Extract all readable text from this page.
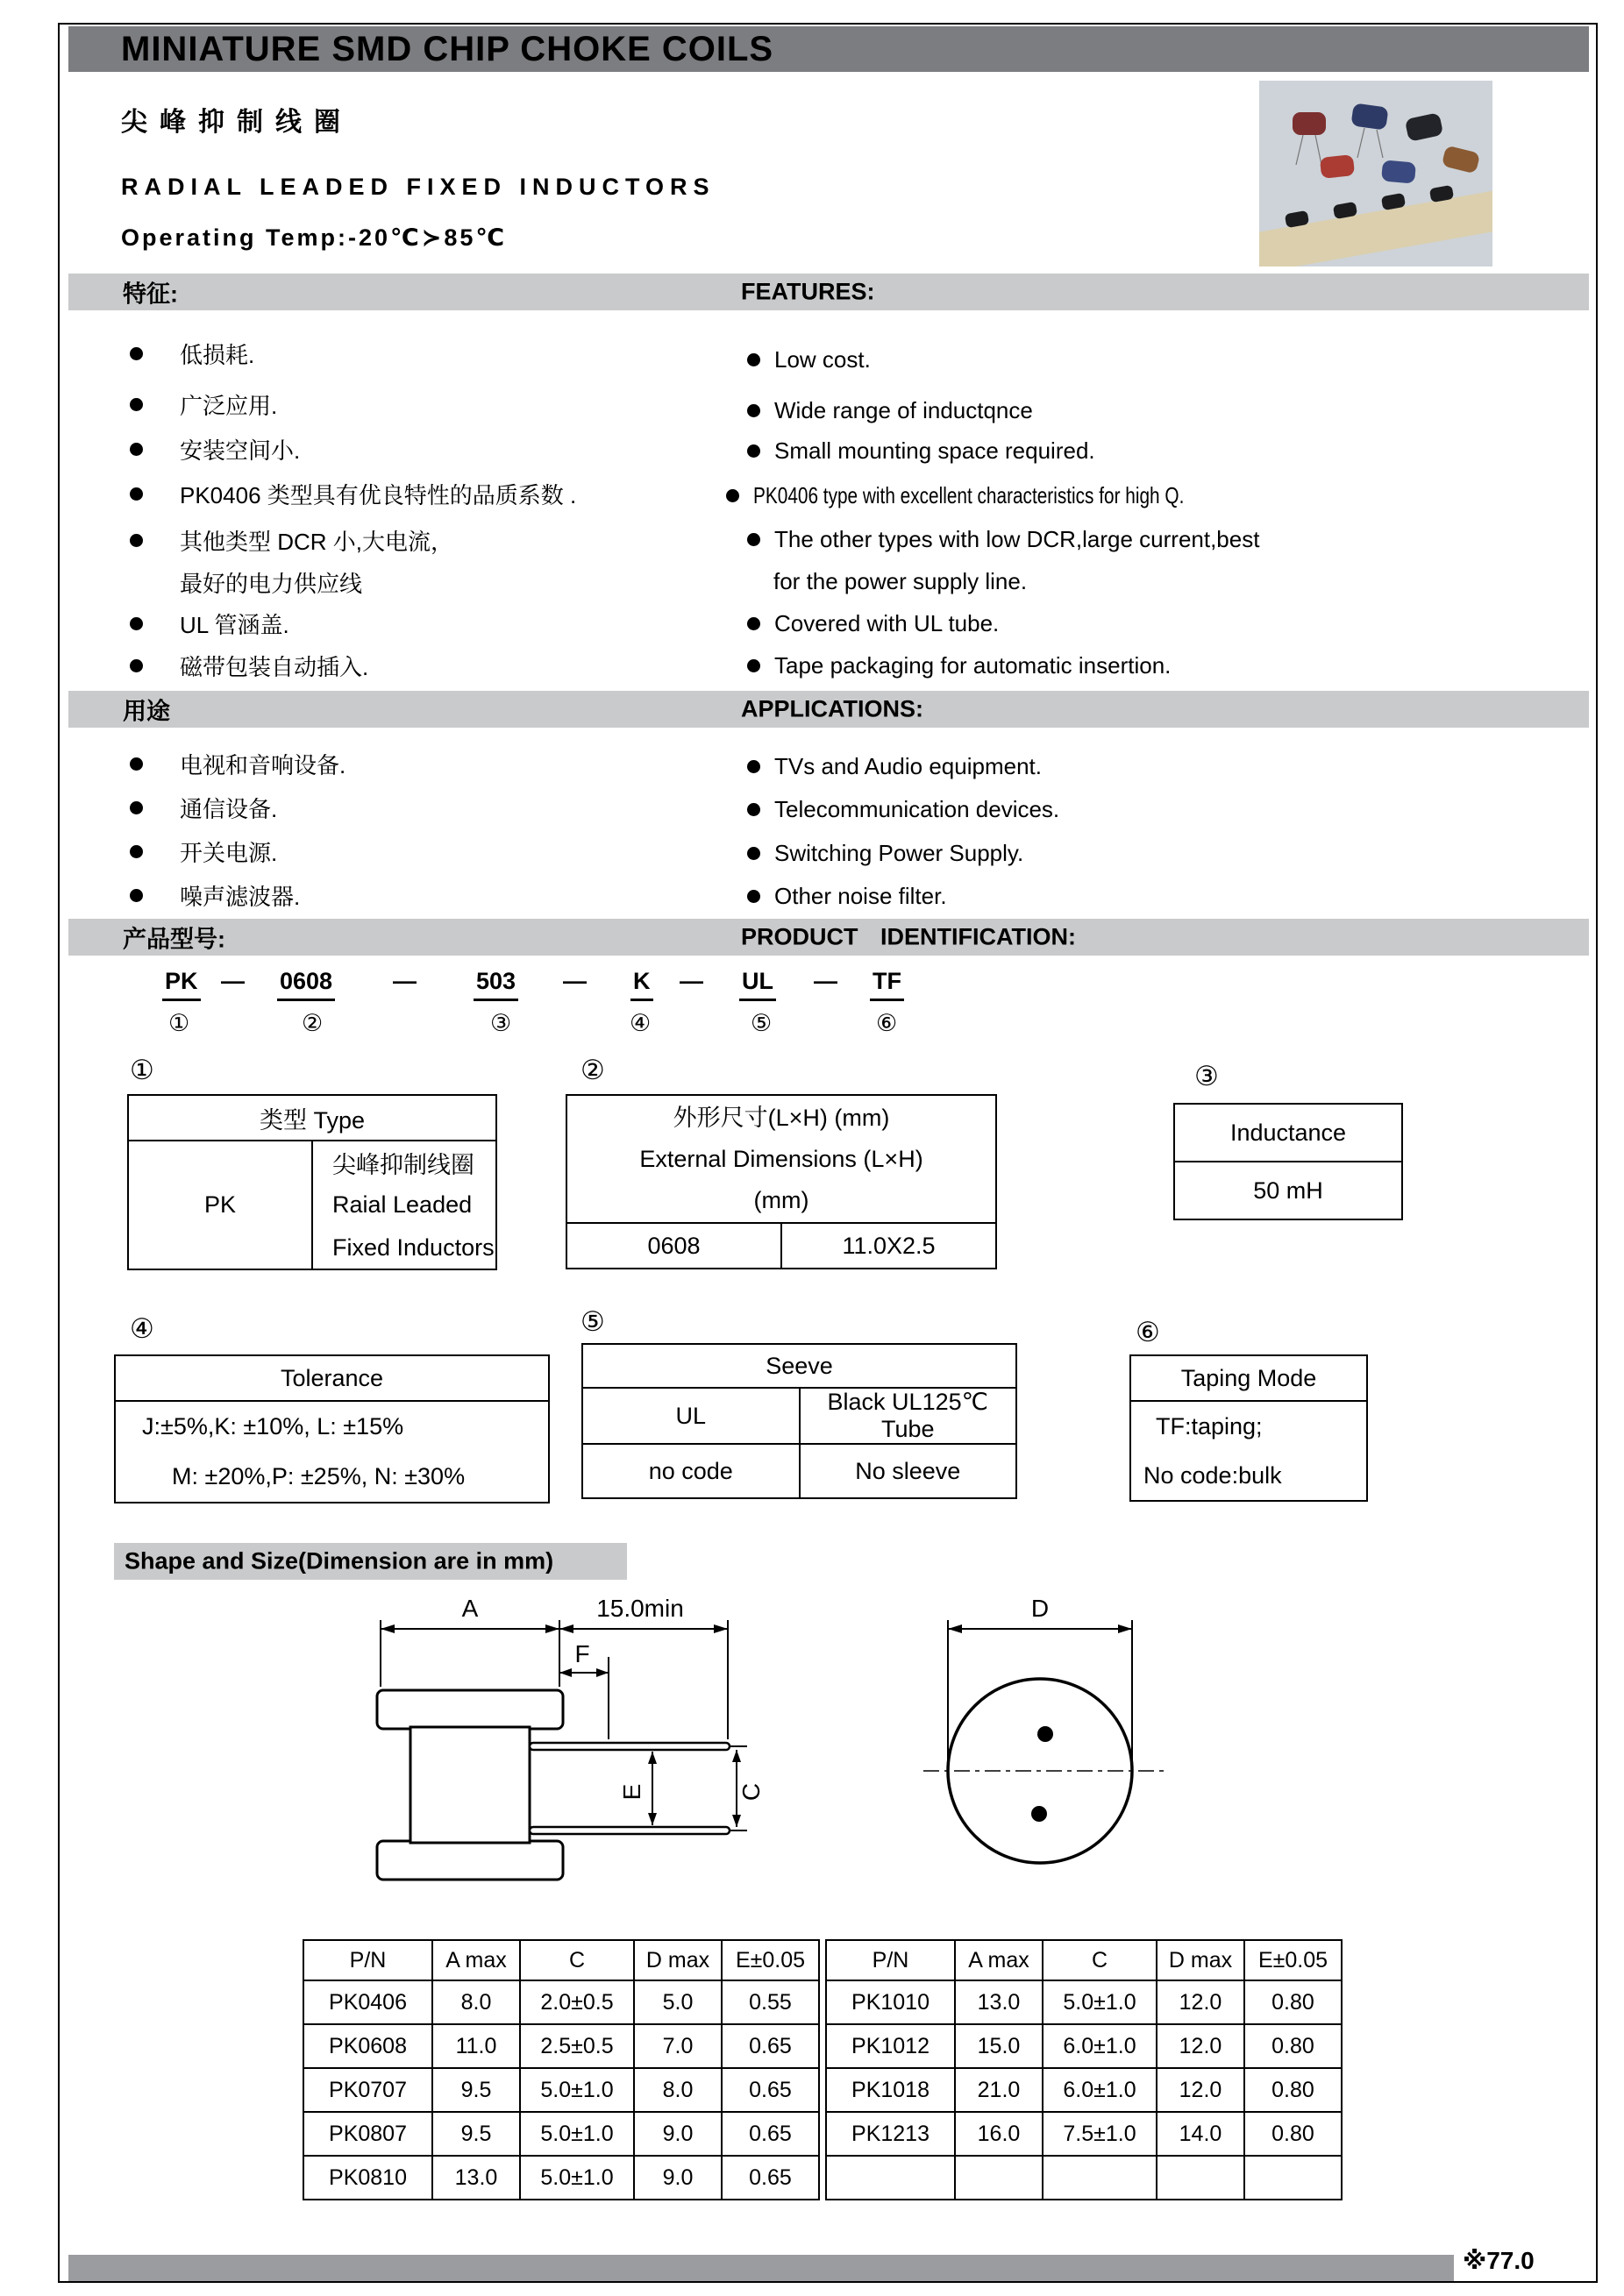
MINIATURE SMD CHIP CHOKE COILS
尖峰抑制线圈
RADIAL LEADED FIXED INDUCTORS
Operating Temp:-20℃≻85℃
特征:	FEATURES:
低损耗.
广泛应用.
安装空间小.
PK0406 类型具有优良特性的品质系数 .
其他类型 DCR 小,大电流，
最好的电力供应线
UL 管涵盖.
磁带包装自动插入.
Low cost.
Wide range of inductqnce
Small mounting space required.
PK0406 type with excellent characteristics for high Q.
The other types with low DCR,large current,best
for the power supply line.
Covered with UL tube.
Tape packaging for automatic insertion.
用途	APPLICATIONS:
电视和音响设备.
通信设备.
开关电源.
噪声滤波器.
TVs and Audio equipment.
Telecommunication devices.
Switching Power Supply.
Other noise filter.
产品型号:	PRODUCT IDENTIFICATION:
PK — 0608	—	503 — K — UL — TF
①	②	③	④	⑤	⑥
①	②	③
类型 Type
PK	尖峰抑制线圈
Raial Leaded
Fixed Inductors
外形尺寸(L×H) (mm)
External Dimensions (L×H)
(mm)

0608	11.0X2.5
Inductance
50 mH
④	⑤	⑥
Tolerance
J:±5%,K: ±10%, L: ±15%
M: ±20%,P: ±25%, N: ±30%
Seeve	
UL	Black UL125℃ Tube
no code	No sleeve
Taping Mode
TF:taping;
No code:bulk
Shape and Size(Dimension are in mm)
A	15.0min
F
E	C
D
P/N	A max	C	D max	E±0.05
PK0406	8.0	2.0±0.5	5.0	0.55
PK0608	11.0	2.5±0.5	7.0	0.65
PK0707	9.5	5.0±1.0	8.0	0.65
PK0807	9.5	5.0±1.0	9.0	0.65
PK0810	13.0	5.0±1.0	9.0	0.65
P/N	A max	C	D max	E±0.05
PK1010	13.0	5.0±1.0	12.0	0.80
PK1012	15.0	6.0±1.0	12.0	0.80
PK1018	21.0	6.0±1.0	12.0	0.80
PK1213	16.0	7.5±1.0	14.0	0.80

※77.0
